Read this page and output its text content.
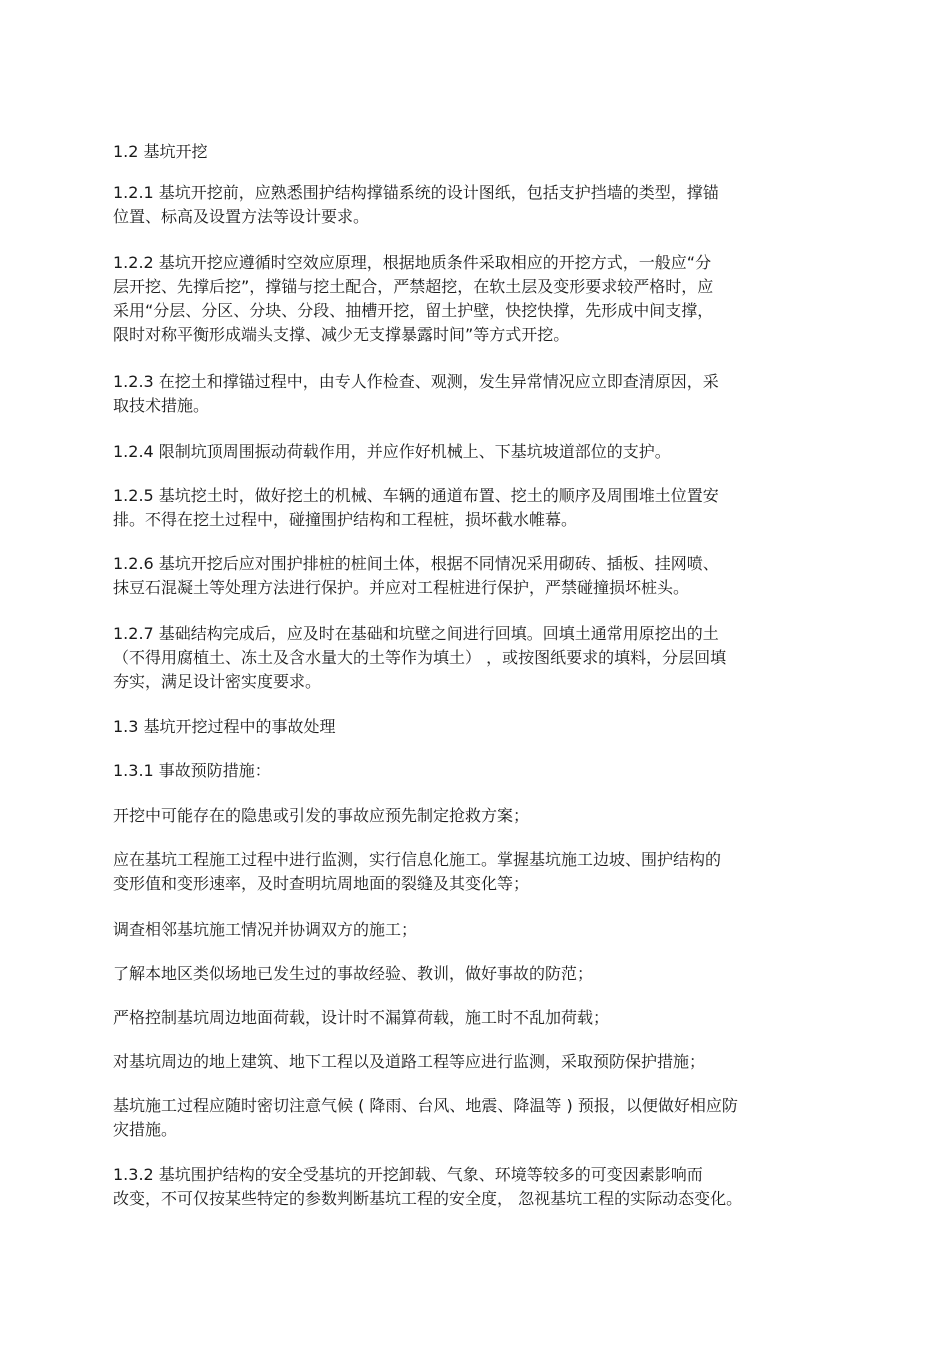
1.2 基坑开挖

1.2.1 基坑开挖前，应熟悉围护结构撑锚系统的设计图纸，包括支护挡墙的类型，撑锚
位置、标高及设置方法等设计要求。

1.2.2 基坑开挖应遵循时空效应原理，根据地质条件采取相应的开挖方式，一般应“分
层开挖、先撑后挖”，撑锚与挖土配合，严禁超挖，在软土层及变形要求较严格时，应
采用“分层、分区、分块、分段、抽槽开挖，留土护壁，快挖快撑，先形成中间支撑，
限时对称平衡形成端头支撑、减少无支撑暴露时间”等方式开挖。

1.2.3 在挖土和撑锚过程中，由专人作检查、观测，发生异常情况应立即查清原因，采
取技术措施。

1.2.4 限制坑顶周围振动荷载作用，并应作好机械上、下基坑坡道部位的支护。

1.2.5 基坑挖土时，做好挖土的机械、车辆的通道布置、挖土的顺序及周围堆土位置安
排。不得在挖土过程中，碰撞围护结构和工程桩，损坏截水帷幕。

1.2.6 基坑开挖后应对围护排桩的桩间土体，根据不同情况采用砌砖、插板、挂网喷、
抹豆石混凝土等处理方法进行保护。并应对工程桩进行保护，严禁碰撞损坏桩头。

1.2.7 基础结构完成后，应及时在基础和坑壁之间进行回填。回填土通常用原挖出的土
（不得用腐植土、冻土及含水量大的土等作为填土） ，或按图纸要求的填料，分层回填
夯实，满足设计密实度要求。

1.3 基坑开挖过程中的事故处理

1.3.1 事故预防措施：

开挖中可能存在的隐患或引发的事故应预先制定抢救方案；

应在基坑工程施工过程中进行监测，实行信息化施工。掌握基坑施工边坡、围护结构的
变形值和变形速率，及时查明坑周地面的裂缝及其变化等；

调查相邻基坑施工情况并协调双方的施工；

了解本地区类似场地已发生过的事故经验、教训，做好事故的防范；

严格控制基坑周边地面荷载，设计时不漏算荷载，施工时不乱加荷载；

对基坑周边的地上建筑、地下工程以及道路工程等应进行监测，采取预防保护措施；

基坑施工过程应随时密切注意气候 ( 降雨、台风、地震、降温等 ) 预报，以便做好相应防
灾措施。

1.3.2 基坑围护结构的安全受基坑的开挖卸载、气象、环境等较多的可变因素影响而
改变，不可仅按某些特定的参数判断基坑工程的安全度， 忽视基坑工程的实际动态变化。
